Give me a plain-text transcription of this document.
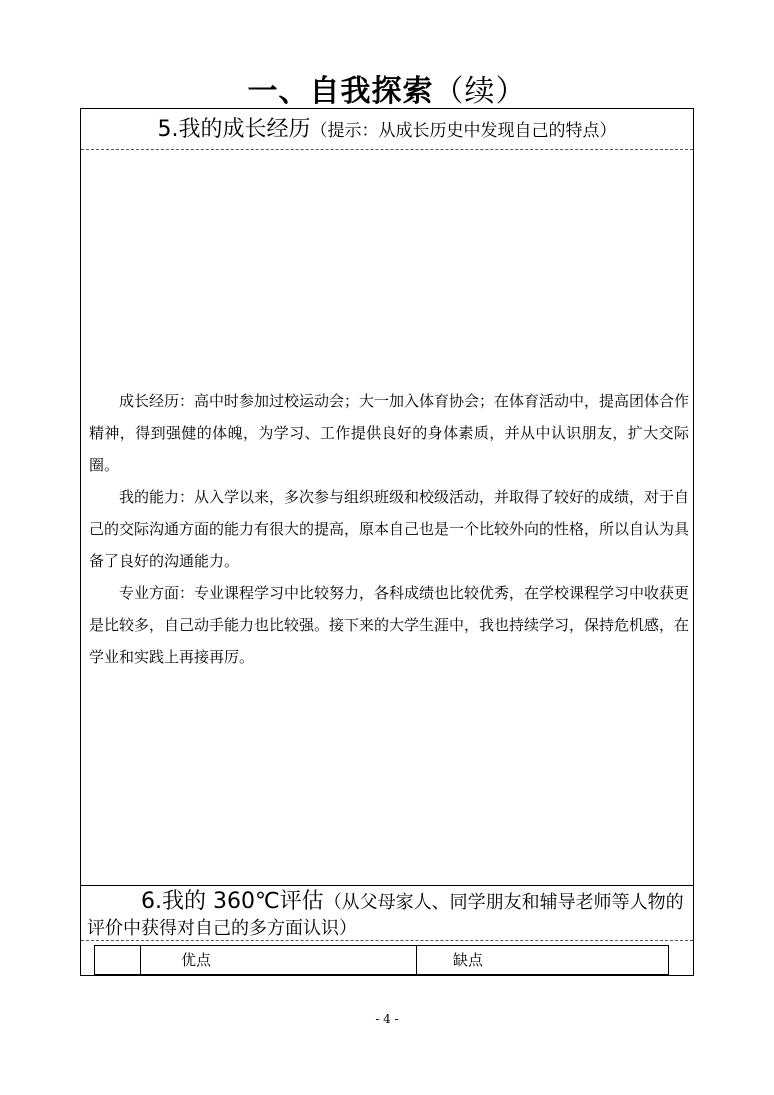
一、自我探索（续）
5.我的成长经历（提示：从成长历史中发现自己的特点）

成长经历：高中时参加过校运动会；大一加入体育协会；在体育活动中，提高团体合作精神，得到强健的体魄，为学习、工作提供良好的身体素质，并从中认识朋友，扩大交际圈。

我的能力：从入学以来，多次参与组织班级和校级活动，并取得了较好的成绩，对于自己的交际沟通方面的能力有很大的提高，原本自己也是一个比较外向的性格，所以自认为具备了良好的沟通能力。

专业方面：专业课程学习中比较努力，各科成绩也比较优秀，在学校课程学习中收获更是比较多，自己动手能力也比较强。接下来的大学生涯中，我也持续学习，保持危机感，在学业和实践上再接再厉。

6.我的 360℃评估（从父母家人、同学朋友和辅导老师等人物的评价中获得对自己的多方面认识）
优点	缺点
- 4 -
